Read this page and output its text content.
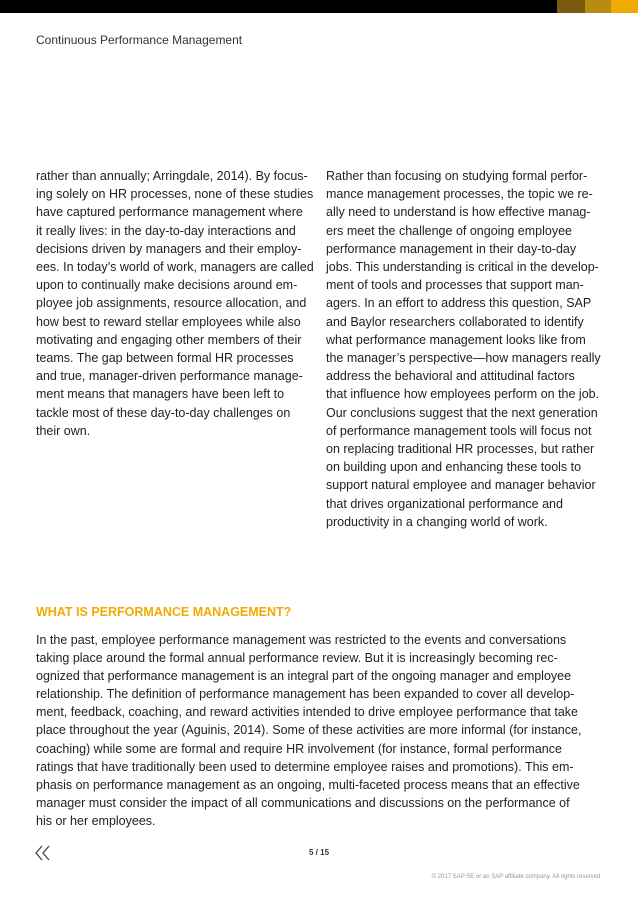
Continuous Performance Management
rather than annually; Arringdale, 2014). By focus-
ing solely on HR processes, none of these studies
have captured performance management where
it really lives: in the day-to-day interactions and
decisions driven by managers and their employ-
ees. In today’s world of work, managers are called
upon to continually make decisions around em-
ployee job assignments, resource allocation, and
how best to reward stellar employees while also
motivating and engaging other members of their
teams. The gap between formal HR processes
and true, manager-driven performance manage-
ment means that managers have been left to
tackle most of these day-to-day challenges on
their own.
Rather than focusing on studying formal perfor-
mance management processes, the topic we re-
ally need to understand is how effective manag-
ers meet the challenge of ongoing employee
performance management in their day-to-day
jobs. This understanding is critical in the develop-
ment of tools and processes that support man-
agers. In an effort to address this question, SAP
and Baylor researchers collaborated to identify
what performance management looks like from
the manager’s perspective—how managers really
address the behavioral and attitudinal factors
that influence how employees perform on the job.
Our conclusions suggest that the next generation
of performance management tools will focus not
on replacing traditional HR processes, but rather
on building upon and enhancing these tools to
support natural employee and manager behavior
that drives organizational performance and
productivity in a changing world of work.
WHAT IS PERFORMANCE MANAGEMENT?
In the past, employee performance management was restricted to the events and conversations
taking place around the formal annual performance review. But it is increasingly becoming rec-
ognized that performance management is an integral part of the ongoing manager and employee
relationship. The definition of performance management has been expanded to cover all develop-
ment, feedback, coaching, and reward activities intended to drive employee performance that take
place throughout the year (Aguinis, 2014). Some of these activities are more informal (for instance,
coaching) while some are formal and require HR involvement (for instance, formal performance
ratings that have traditionally been used to determine employee raises and promotions). This em-
phasis on performance management as an ongoing, multi-faceted process means that an effective
manager must consider the impact of all communications and discussions on the performance of
his or her employees.
5 / 15
© 2017 SAP SE or an SAP affiliate company. All rights reserved.
